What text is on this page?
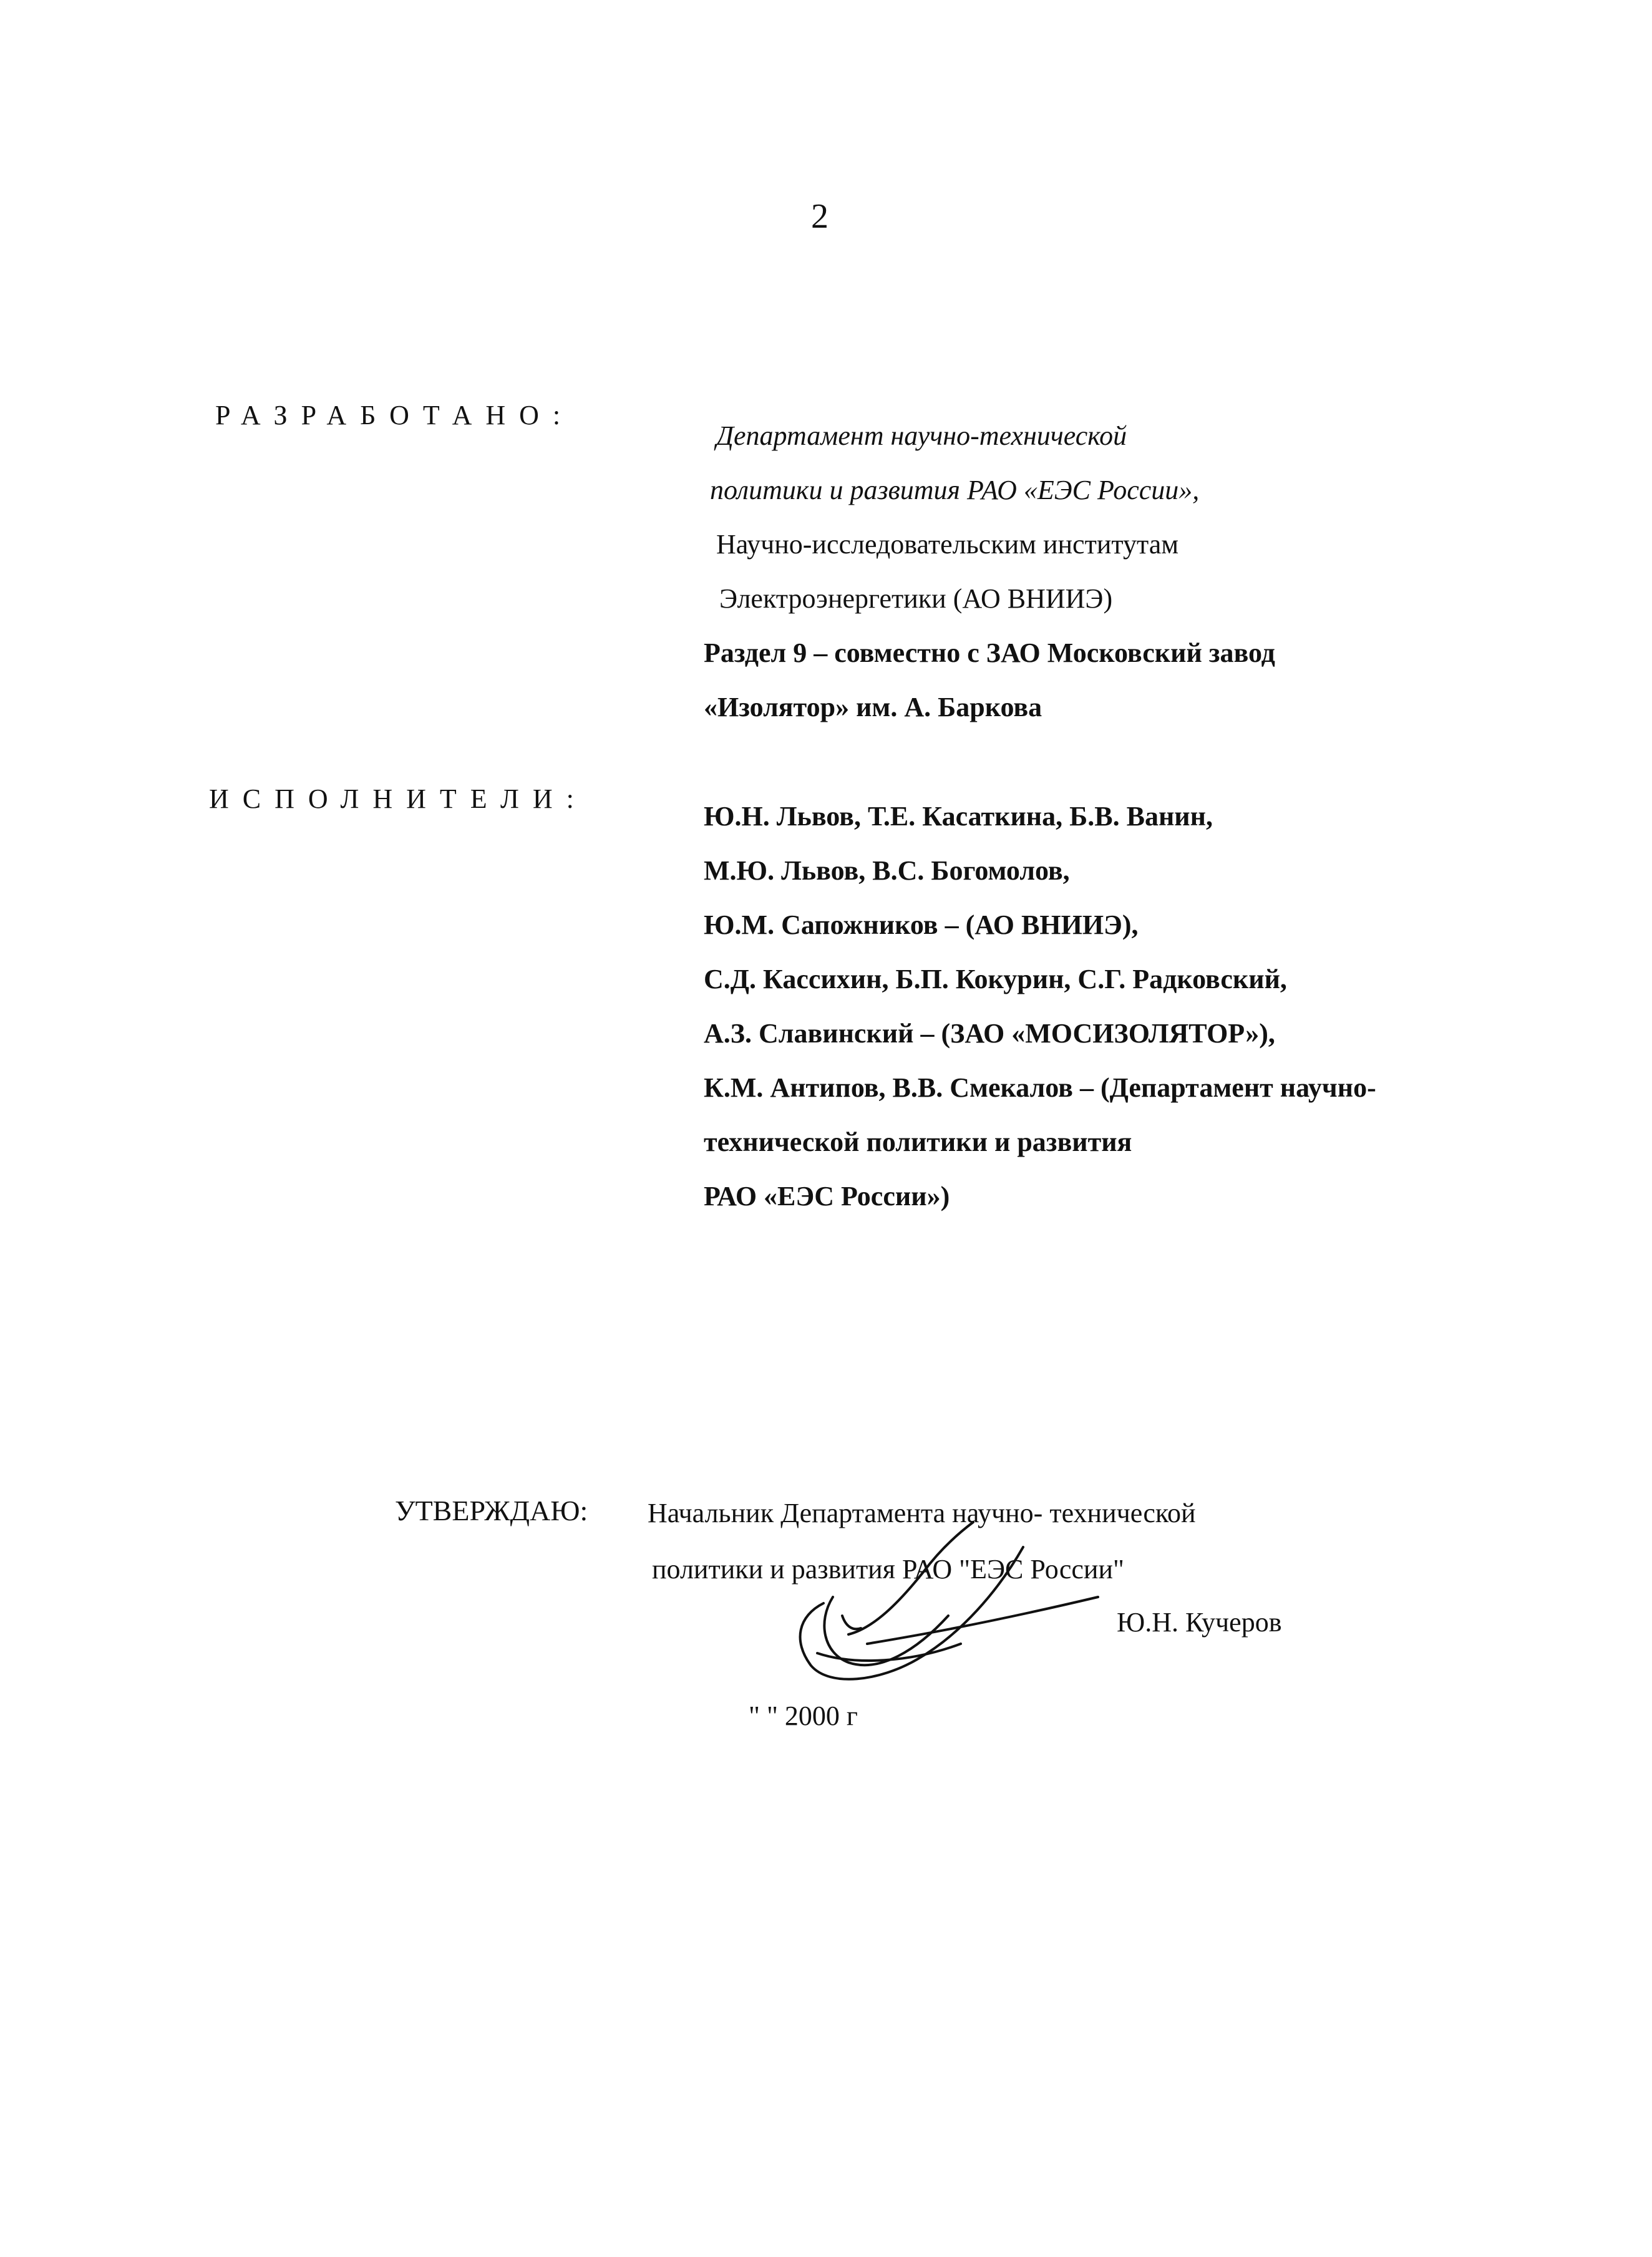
2
РАЗРАБОТАНО:
Департамент научно-технической
политики и развития РАО «ЕЭС России»,
Научно-исследовательским институтам
Электроэнергетики (АО ВНИИЭ)
Раздел 9 – совместно с ЗАО Московский завод
«Изолятор» им. А. Баркова
ИСПОЛНИТЕЛИ:
Ю.Н. Львов, Т.Е. Касаткина, Б.В. Ванин,
М.Ю. Львов, В.С. Богомолов,
Ю.М. Сапожников – (АО ВНИИЭ),
С.Д. Кассихин, Б.П. Кокурин, С.Г. Радковский,
А.З. Славинский – (ЗАО «МОСИЗОЛЯТОР»),
К.М. Антипов, В.В. Смекалов – (Департамент научно-
технической политики и развития
РАО «ЕЭС России»)
УТВЕРЖДАЮ: Начальник Департамента научно- технической
политики и развития РАО "ЕЭС России"
Ю.Н. Кучеров
" " 2000 г
